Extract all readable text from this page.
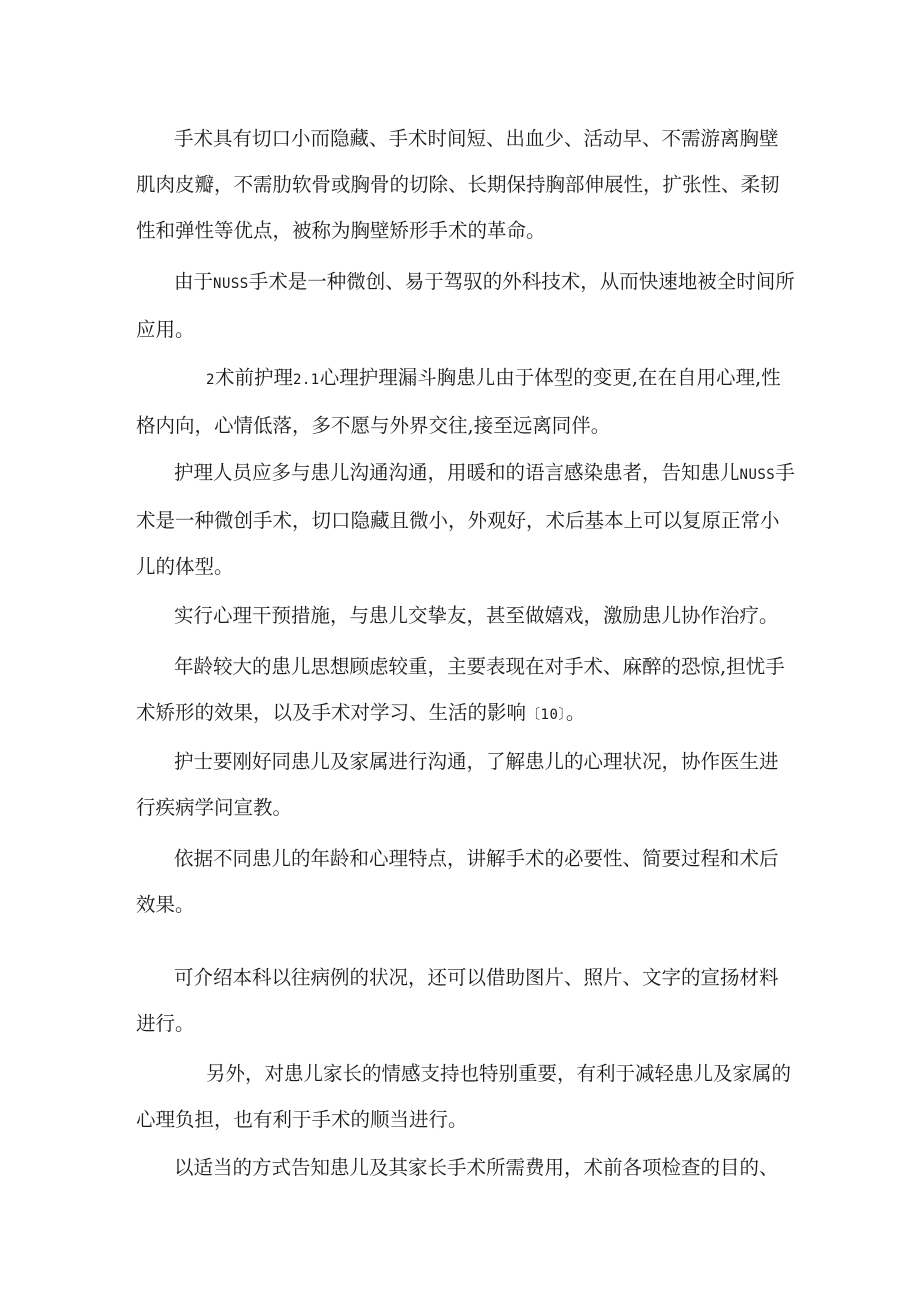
手术具有切口小而隐藏、手术时间短、出血少、活动早、不需游离胸壁肌肉皮瓣，不需肋软骨或胸骨的切除、长期保持胸部伸展性，扩张性、柔韧性和弹性等优点，被称为胸壁矫形手术的革命。

由于NUSS手术是一种微创、易于驾驭的外科技术，从而快速地被全时间所应用。

2术前护理2.1心理护理漏斗胸患儿由于体型的变更,在在自用心理,性格内向，心情低落，多不愿与外界交往,接至远离同伴。

护理人员应多与患儿沟通沟通，用暖和的语言感染患者，告知患儿NUSS手术是一种微创手术，切口隐藏且微小，外观好，术后基本上可以复原正常小儿的体型。

实行心理干预措施，与患儿交挚友，甚至做嬉戏，激励患儿协作治疗。

年龄较大的患儿思想顾虑较重，主要表现在对手术、麻醉的恐惊,担忧手术矫形的效果，以及手术对学习、生活的影响〔10〕。

护士要刚好同患儿及家属进行沟通，了解患儿的心理状况，协作医生进行疾病学问宣教。

依据不同患儿的年龄和心理特点，讲解手术的必要性、简要过程和术后效果。

可介绍本科以往病例的状况，还可以借助图片、照片、文字的宣扬材料进行。

另外，对患儿家长的情感支持也特别重要，有利于减轻患儿及家属的心理负担，也有利于手术的顺当进行。

以适当的方式告知患儿及其家长手术所需费用，术前各项检查的目的、
